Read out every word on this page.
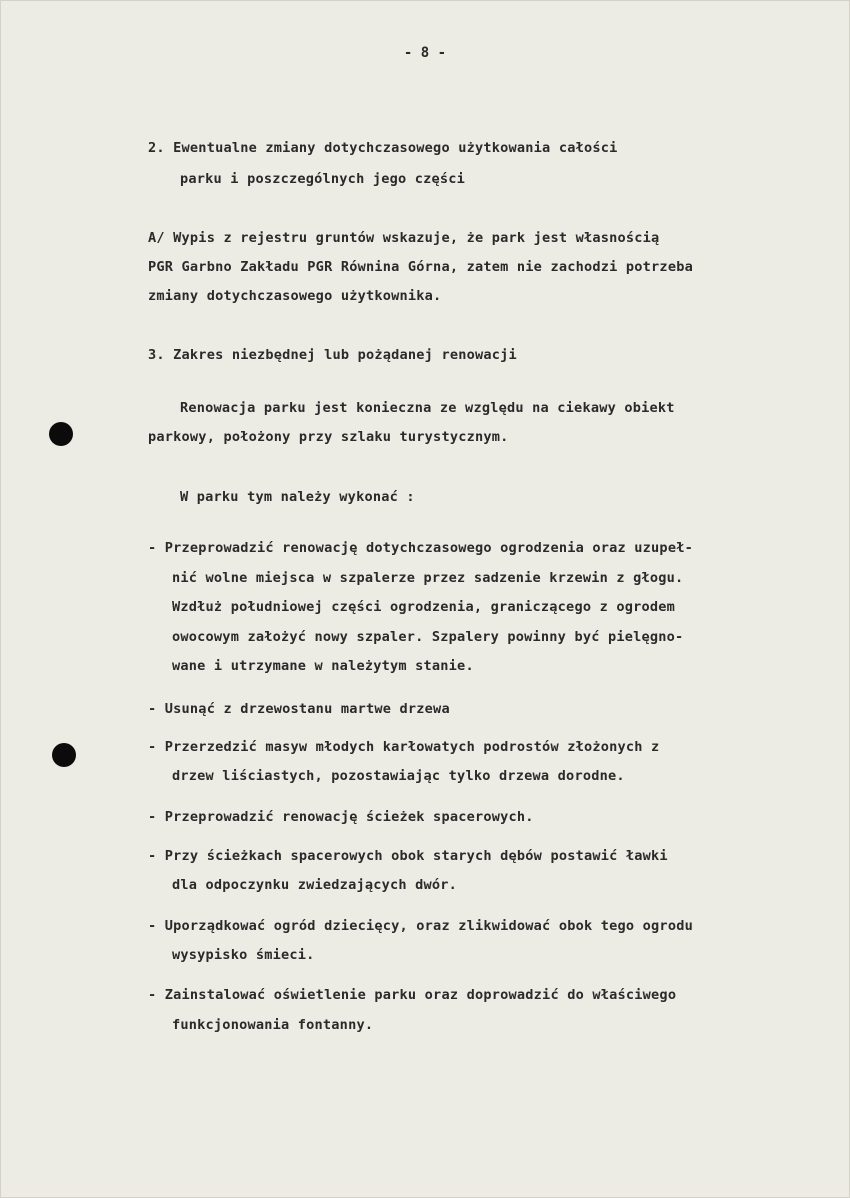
- 8 -
2. Ewentualne zmiany dotychczasowego użytkowania całości
parku i poszczególnych jego części
A/ Wypis z rejestru gruntów wskazuje, że park jest własnością
PGR Garbno Zakładu PGR Równina Górna, zatem nie zachodzi potrzeba
zmiany dotychczasowego użytkownika.
3. Zakres niezbędnej lub pożądanej renowacji
Renowacja parku jest konieczna ze względu na ciekawy obiekt
parkowy, położony przy szlaku turystycznym.
W parku tym należy wykonać :
- Przeprowadzić renowację dotychczasowego ogrodzenia oraz uzupeł-
nić wolne miejsca w szpalerze przez sadzenie krzewin z głogu.
Wzdłuż południowej części ogrodzenia, graniczącego z ogrodem
owocowym założyć nowy szpaler. Szpalery powinny być pielęgno-
wane i utrzymane w należytym stanie.
- Usunąć z drzewostanu martwe drzewa
- Przerzedzić masyw młodych karłowatych podrostów złożonych z
drzew liściastych, pozostawiając tylko drzewa dorodne.
- Przeprowadzić renowację ścieżek spacerowych.
- Przy ścieżkach spacerowych obok starych dębów postawić ławki
dla odpoczynku zwiedzających dwór.
- Uporządkować ogród dziecięcy, oraz zlikwidować obok tego ogrodu
wysypisko śmieci.
- Zainstalować oświetlenie parku oraz doprowadzić do właściwego
funkcjonowania fontanny.
